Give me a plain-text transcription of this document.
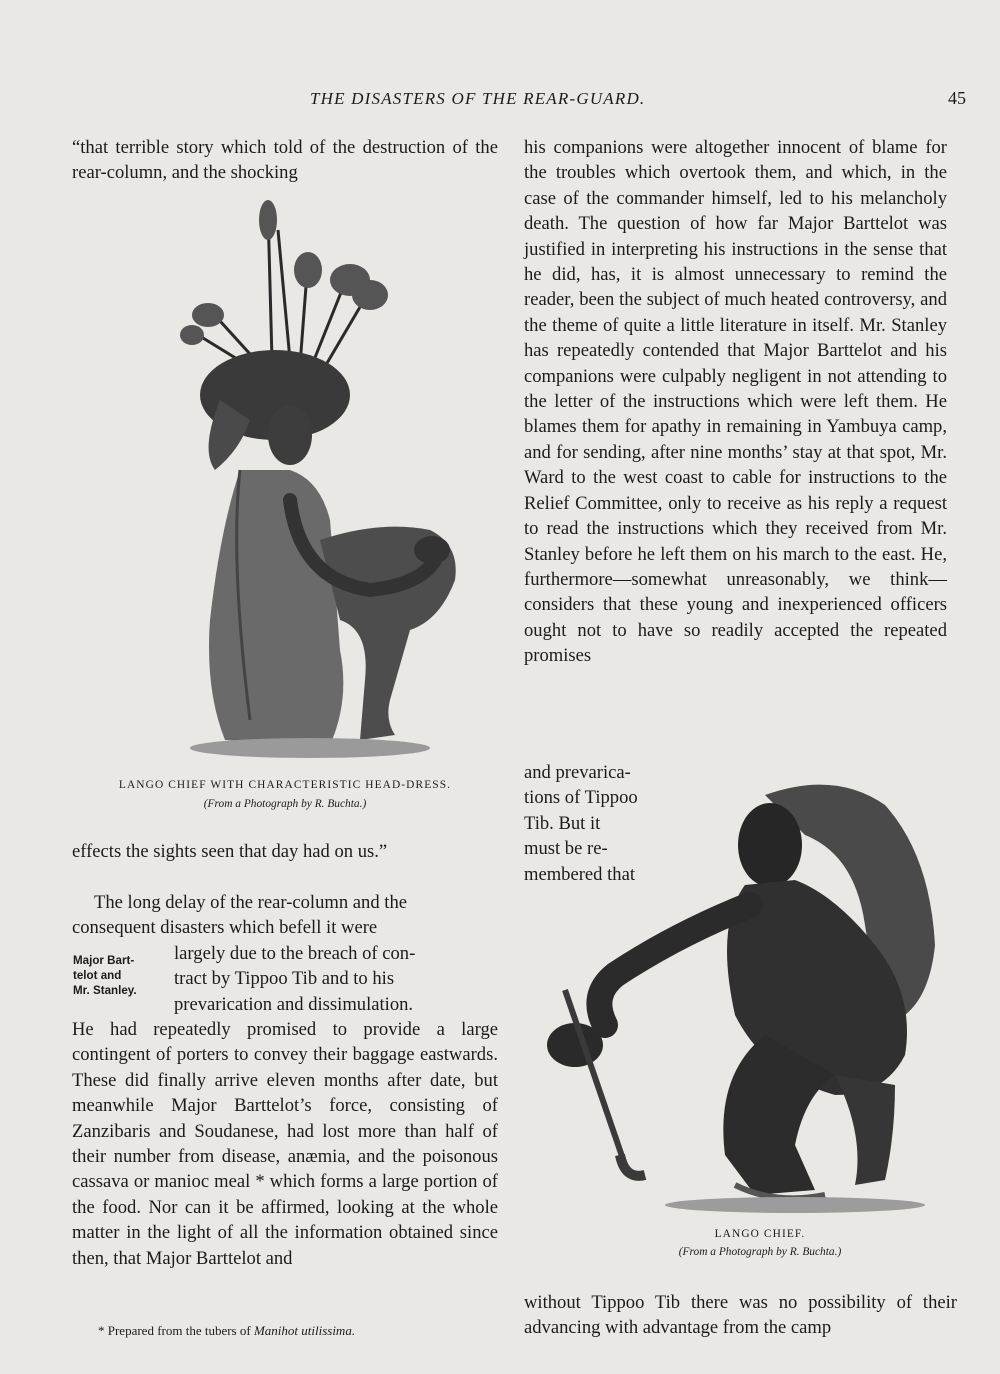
THE DISASTERS OF THE REAR-GUARD.	45

“that terrible story which told of the destruction of the rear-column, and the shocking

LANGO CHIEF WITH CHARACTERISTIC HEAD-DRESS.
(From a Photograph by R. Buchta.)

effects the sights seen that day had on us.”

The long delay of the rear-column and the

consequent disasters which befell it were

Major Bart-
telot and
Mr. Stanley.

largely due to the breach of con-

tract by Tippoo Tib and to his

prevarication and dissimulation.

He had repeatedly promised to provide a large contingent of porters to convey their baggage eastwards. These did finally arrive eleven months after date, but meanwhile Major Barttelot’s force, consisting of Zanzibaris and Soudanese, had lost more than half of their number from disease, anæmia, and the poisonous cassava or manioc meal * which forms a large portion of the food. Nor can it be affirmed, looking at the whole matter in the light of all the information obtained since then, that Major Barttelot and

* Prepared from the tubers of Manihot utilissima.

his companions were altogether innocent of blame for the troubles which overtook them, and which, in the case of the commander himself, led to his melancholy death. The question of how far Major Barttelot was justified in interpreting his instructions in the sense that he did, has, it is almost unnecessary to remind the reader, been the subject of much heated controversy, and the theme of quite a little literature in itself. Mr. Stanley has repeatedly contended that Major Barttelot and his companions were culpably negligent in not attending to the letter of the instructions which were left them. He blames them for apathy in remaining in Yambuya camp, and for sending, after nine months’ stay at that spot, Mr. Ward to the west coast to cable for instructions to the Relief Committee, only to receive as his reply a request to read the instructions which they received from Mr. Stanley before he left them on his march to the east. He, furthermore—somewhat unreasonably, we think—considers that these young and inexperienced officers ought not to have so readily accepted the repeated promises

and prevarica-

tions of Tippoo

Tib. But it

must be re-

membered that

LANGO CHIEF.
(From a Photograph by R. Buchta.)

without Tippoo Tib there was no possibility of their advancing with advantage from the camp
